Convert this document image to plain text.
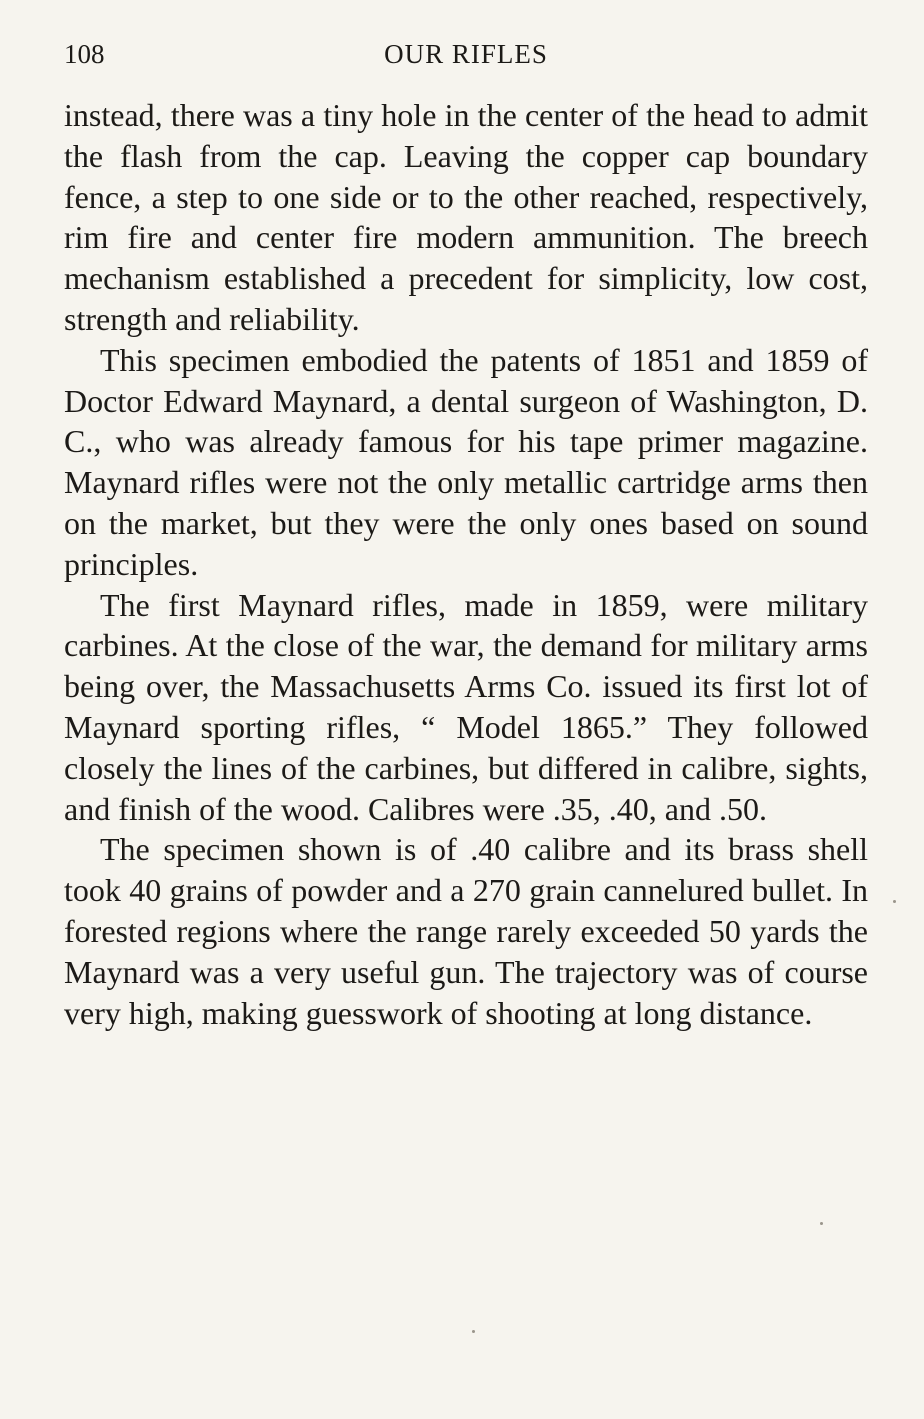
108	OUR RIFLES

instead, there was a tiny hole in the center of the head to admit the flash from the cap. Leaving the copper cap boundary fence, a step to one side or to the other reached, respectively, rim fire and center fire modern ammunition. The breech mechanism established a precedent for simplicity, low cost, strength and reliability.

This specimen embodied the patents of 1851 and 1859 of Doctor Edward Maynard, a dental surgeon of Washington, D. C., who was already famous for his tape primer magazine. Maynard rifles were not the only metallic cartridge arms then on the market, but they were the only ones based on sound principles.

The first Maynard rifles, made in 1859, were military carbines. At the close of the war, the demand for military arms being over, the Massachusetts Arms Co. issued its first lot of Maynard sporting rifles, “ Model 1865.” They followed closely the lines of the carbines, but differed in calibre, sights, and finish of the wood. Calibres were .35, .40, and .50.

The specimen shown is of .40 calibre and its brass shell took 40 grains of powder and a 270 grain cannelured bullet. In forested regions where the range rarely exceeded 50 yards the Maynard was a very useful gun. The trajectory was of course very high, making guesswork of shooting at long distance.
